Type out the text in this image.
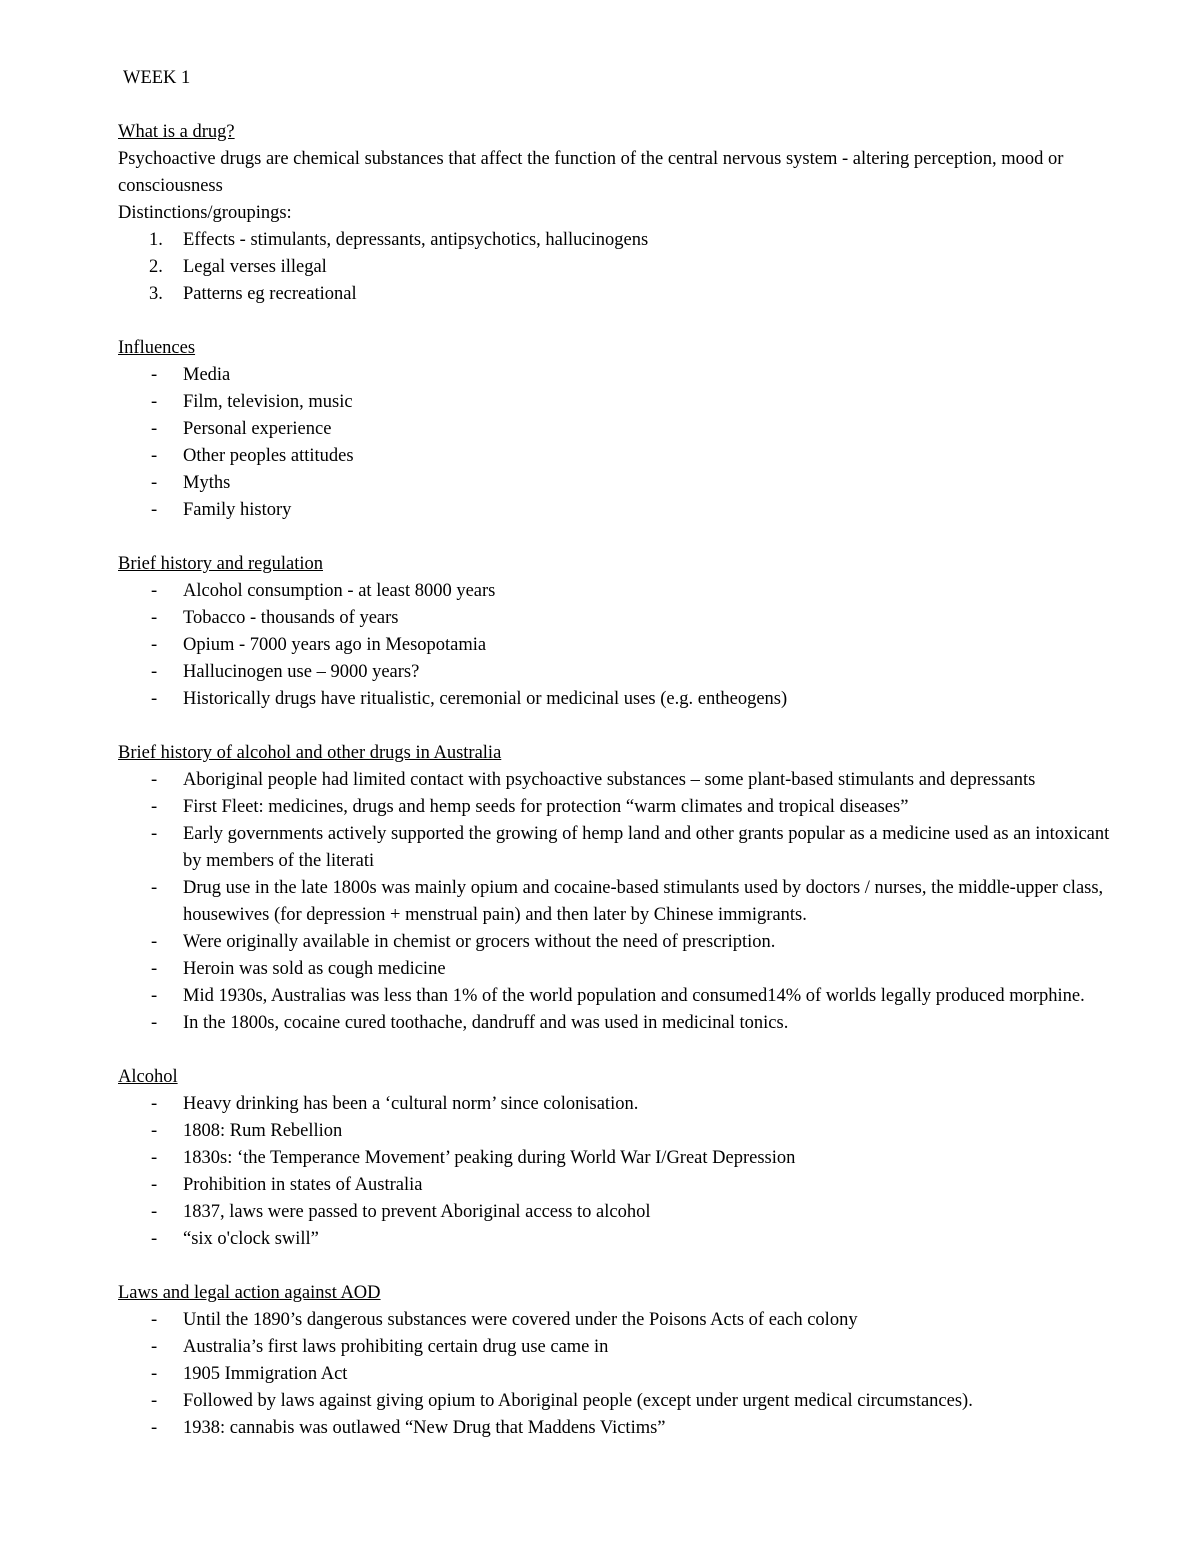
WEEK 1
What is a drug?

Psychoactive drugs are chemical substances that affect the function of the central nervous system - altering perception, mood or consciousness

Distinctions/groupings:

1. Effects - stimulants, depressants, antipsychotics, hallucinogens
2. Legal verses illegal
3. Patterns eg recreational
Influences
- Media
- Film, television, music
- Personal experience
- Other peoples attitudes
- Myths
- Family history
Brief history and regulation
- Alcohol consumption - at least 8000 years
- Tobacco - thousands of years
- Opium - 7000 years ago in Mesopotamia
- Hallucinogen use – 9000 years?
- Historically drugs have ritualistic, ceremonial or medicinal uses (e.g. entheogens)
Brief history of alcohol and other drugs in Australia
- Aboriginal people had limited contact with psychoactive substances – some plant-based stimulants and depressants
- First Fleet: medicines, drugs and hemp seeds for protection “warm climates and tropical diseases”
- Early governments actively supported the growing of hemp land and other grants popular as a medicine used as an intoxicant by members of the literati
- Drug use in the late 1800s was mainly opium and cocaine-based stimulants used by doctors / nurses, the middle-upper class, housewives (for depression + menstrual pain) and then later by Chinese immigrants.
- Were originally available in chemist or grocers without the need of prescription.
- Heroin was sold as cough medicine
- Mid 1930s, Australias was less than 1% of the world population and consumed14% of worlds legally produced morphine.
- In the 1800s, cocaine cured toothache, dandruff and was used in medicinal tonics.
Alcohol
- Heavy drinking has been a ‘cultural norm’ since colonisation.
- 1808: Rum Rebellion
- 1830s: ‘the Temperance Movement’ peaking during World War I/Great Depression
- Prohibition in states of Australia
- 1837, laws were passed to prevent Aboriginal access to alcohol
- “six o'clock swill”
Laws and legal action against AOD
- Until the 1890’s dangerous substances were covered under the Poisons Acts of each colony
- Australia’s first laws prohibiting certain drug use came in
- 1905 Immigration Act
- Followed by laws against giving opium to Aboriginal people (except under urgent medical circumstances).
- 1938: cannabis was outlawed “New Drug that Maddens Victims”
